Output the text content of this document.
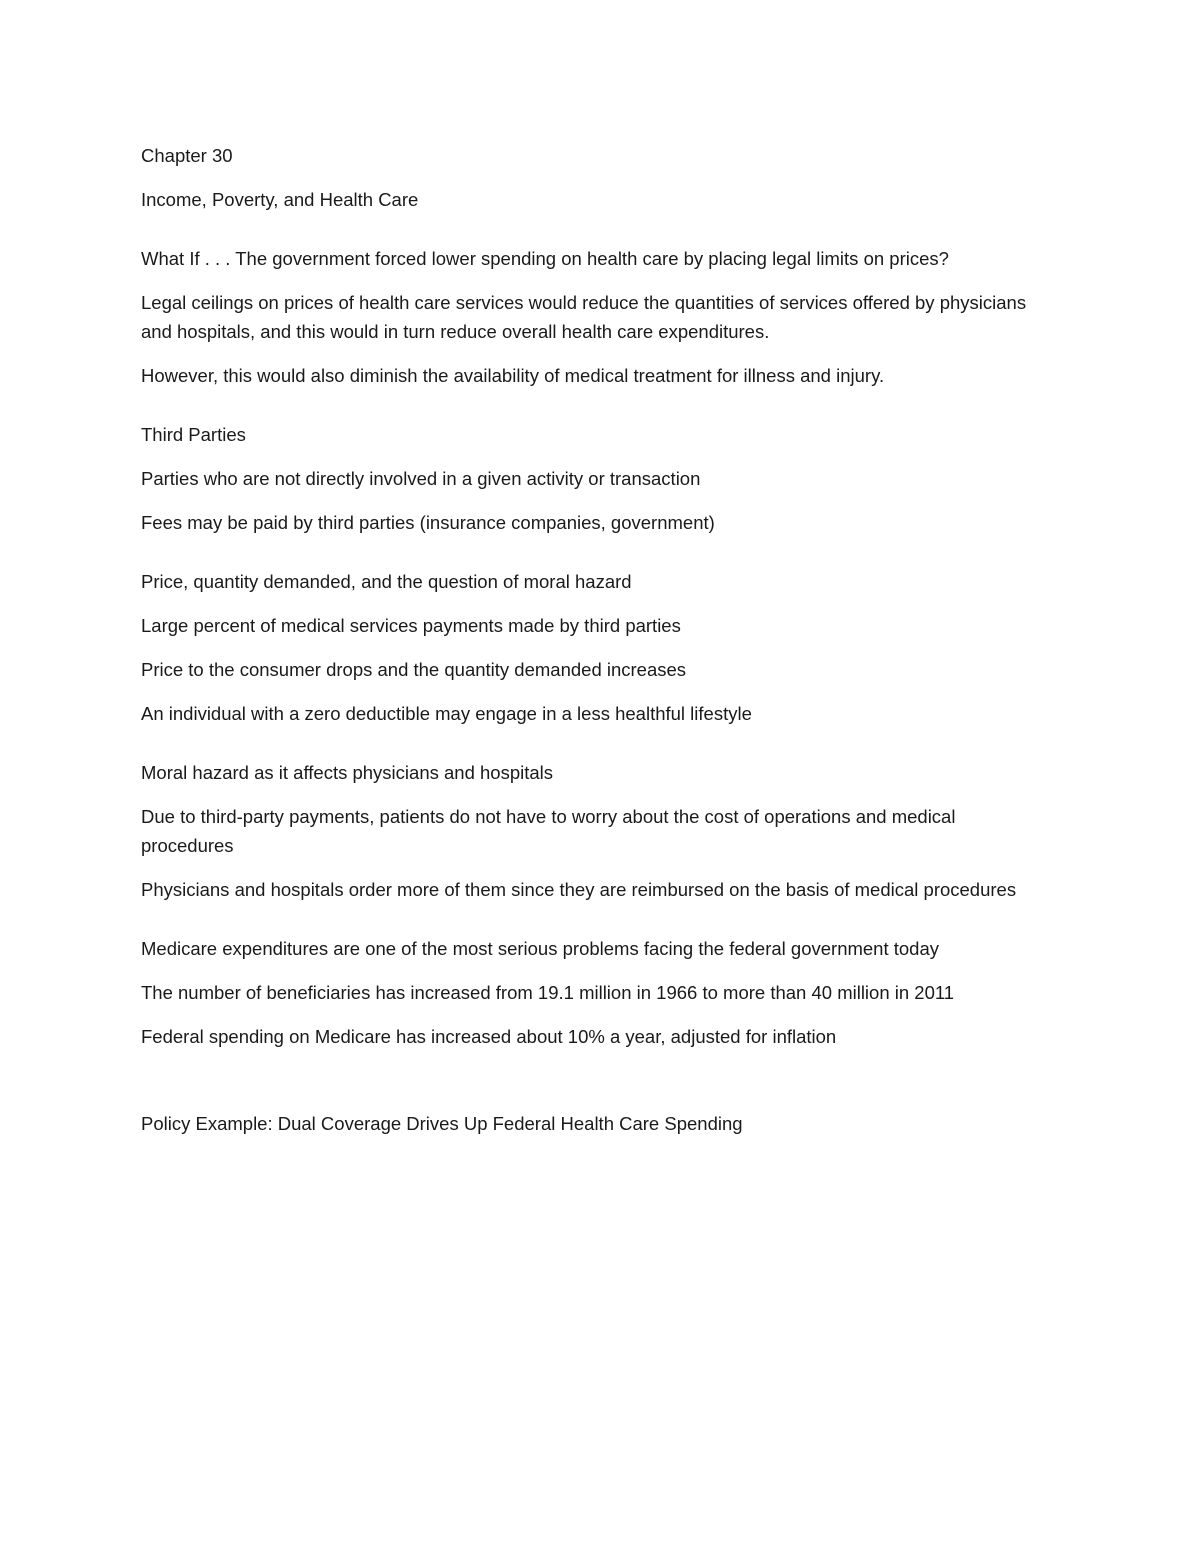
Chapter 30

Income, Poverty, and Health Care

What If . . . The government forced lower spending on health care by placing legal limits on prices?

Legal ceilings on prices of health care services would reduce the quantities of services offered by physicians and hospitals, and this would in turn reduce overall health care expenditures.

However, this would also diminish the availability of medical treatment for illness and injury.

Third Parties

Parties who are not directly involved in a given activity or transaction

Fees may be paid by third parties (insurance companies, government)

Price, quantity demanded, and the question of moral hazard

Large percent of medical services payments made by third parties

Price to the consumer drops and the quantity demanded increases

An individual with a zero deductible may engage in a less healthful lifestyle

Moral hazard as it affects physicians and hospitals

Due to third-party payments, patients do not have to worry about the cost of operations and medical procedures

Physicians and hospitals order more of them since they are reimbursed on the basis of medical procedures

Medicare expenditures are one of the most serious problems facing the federal government today

The number of beneficiaries has increased from 19.1 million in 1966 to more than 40 million in 2011

Federal spending on Medicare has increased about 10% a year, adjusted for inflation

Policy Example: Dual Coverage Drives Up Federal Health Care Spending
